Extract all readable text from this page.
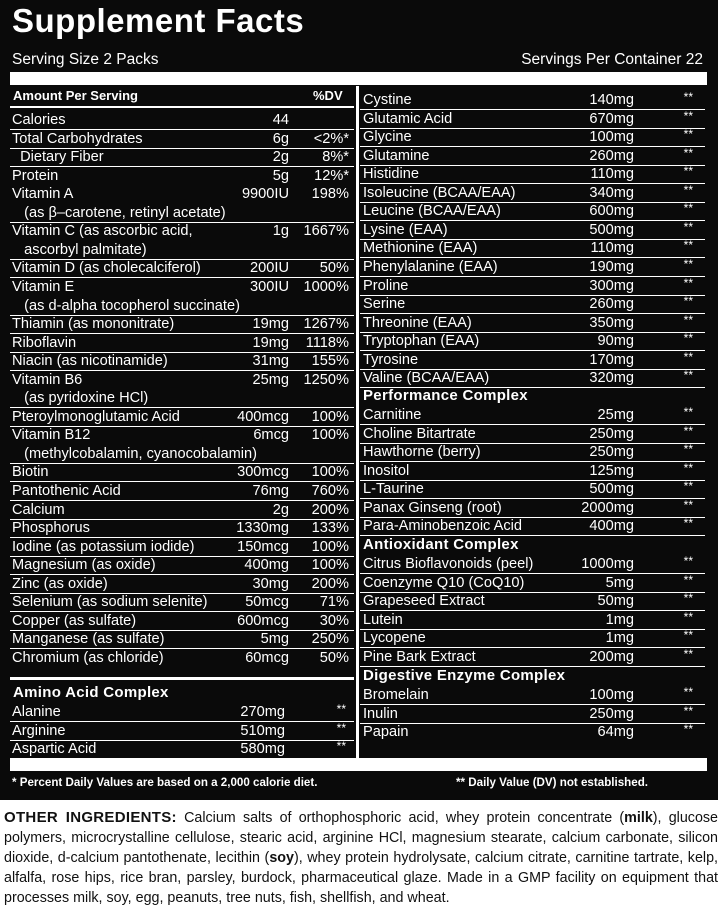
Supplement Facts
Serving Size 2 Packs	Servings Per Container 22
Amount Per Serving	%DV
Amino Acid Complex
* Percent Daily Values are based on a 2,000 calorie diet.	** Daily Value (DV) not established.
Calories	44
Total Carbohydrates	6g <2%*
Dietary Fiber	2g 8%*
Protein	5g 12%*
Vitamin A	9900IU 198%
(as β–carotene, retinyl acetate)
Vitamin C (as ascorbic acid,	1g 1667%
ascorbyl palmitate)
Vitamin D (as cholecalciferol)	200IU 50%
Vitamin E	300IU 1000%
(as d-alpha tocopherol succinate)
Thiamin (as mononitrate)	19mg 1267%
Riboflavin	19mg 1118%
Niacin (as nicotinamide)	31mg 155%
Vitamin B6	25mg 1250%
(as pyridoxine HCl)
Pteroylmonoglutamic Acid	400mcg 100%
Vitamin B12	6mcg 100%
(methylcobalamin, cyanocobalamin)
Biotin	300mcg 100%
Pantothenic Acid	76mg 760%
Calcium	2g 200%
Phosphorus	1330mg 133%
Iodine (as potassium iodide)	150mcg 100%
Magnesium (as oxide)	400mg 100%
Zinc (as oxide)	30mg 200%
Selenium (as sodium selenite)	50mcg 71%
Copper (as sulfate)	600mcg 30%
Manganese (as sulfate)	5mg 250%
Chromium (as chloride)	60mcg 50%
Alanine	270mg	**
Arginine	510mg	**
Aspartic Acid	580mg	**
Cystine	140mg	**
Glutamic Acid	670mg	**
Glycine	100mg	**
Glutamine	260mg	**
Histidine	110mg	**
Isoleucine (BCAA/EAA)	340mg	**
Leucine (BCAA/EAA)	600mg	**
Lysine (EAA)	500mg	**
Methionine (EAA)	110mg	**
Phenylalanine (EAA)	190mg	**
Proline	300mg	**
Serine	260mg	**
Threonine (EAA)	350mg	**
Tryptophan (EAA)	90mg	**
Tyrosine	170mg	**
Valine (BCAA/EAA)	320mg	**
Performance Complex
Carnitine	25mg	**
Choline Bitartrate	250mg	**
Hawthorne (berry)	250mg	**
Inositol	125mg	**
L-Taurine	500mg	**
Panax Ginseng (root)	2000mg	**
Para-Aminobenzoic Acid	400mg	**
Antioxidant Complex
Citrus Bioflavonoids (peel)	1000mg	**
Coenzyme Q10 (CoQ10)	5mg	**
Grapeseed Extract	50mg	**
Lutein	1mg	**
Lycopene	1mg	**
Pine Bark Extract	200mg	**
Digestive Enzyme Complex
Bromelain	100mg	**
Inulin	250mg	**
Papain	64mg	**
OTHER INGREDIENTS: Calcium salts of orthophosphoric acid, whey protein concentrate (milk), glucose polymers, microcrystalline cellulose, stearic acid, arginine HCl, magnesium stearate, calcium carbonate, silicon dioxide, d-calcium pantothenate, lecithin (soy), whey protein hydrolysate, calcium citrate, carnitine tartrate, kelp, alfalfa, rose hips, rice bran, parsley, burdock, pharmaceutical glaze. Made in a GMP facility on equipment that processes milk, soy, egg, peanuts, tree nuts, fish, shellfish, and wheat.
